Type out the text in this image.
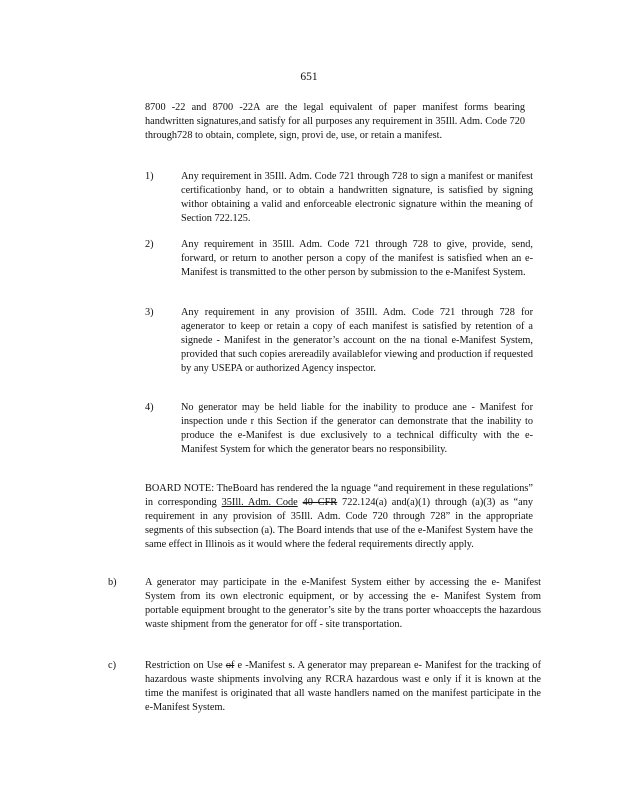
651
8700 -22 and 8700 -22A are the legal equivalent of paper manifest forms bearing handwritten signatures,and satisfy for all purposes any requirement in 35Ill. Adm. Code 720 through728 to obtain, complete, sign, provi de, use, or retain a manifest.
1)	Any requirement in 35Ill. Adm. Code 721 through 728 to sign a manifest or manifest certificationby hand, or to obtain a handwritten signature, is satisfied by signing withor obtaining a valid and enforceable electronic signature within the meaning of Section 722.125.
2)	Any requirement in 35Ill. Adm. Code 721 through 728 to give, provide, send, forward, or return to another person a copy of the manifest is satisfied when an e-Manifest is transmitted to the other person by submission to the e-Manifest System.
3)	Any requirement in any provision of 35Ill. Adm. Code 721 through 728 for agenerator to keep or retain a copy of each manifest is satisfied by retention of a signede - Manifest in the generator’s account on the na tional e-Manifest System, provided that such copies arereadily availablefor viewing and production if requested by any USEPA or authorized Agency inspector.
4)	No generator may be held liable for the inability to produce ane - Manifest for inspection unde r this Section if the generator can demonstrate that the inability to produce the e-Manifest is due exclusively to a technical difficulty with the e-Manifest System for which the generator bears no responsibility.
BOARD NOTE: TheBoard has rendered the la nguage “and requirement in these regulations” in corresponding 35Ill. Adm. Code 40 CFR 722.124(a) and(a)(1) through (a)(3) as “any requirement in any provision of 35Ill. Adm. Code 720 through 728” in the appropriate segments of this subsection (a). The Board intends that use of the e-Manifest System have the same effect in Illinois as it would where the federal requirements directly apply.
b)	A generator may participate in the e-Manifest System either by accessing the e- Manifest System from its own electronic equipment, or by accessing the e- Manifest System from portable equipment brought to the generator’s site by the trans porter whoaccepts the hazardous waste shipment from the generator for off - site transportation.
c)	Restriction on Use of e -Manifest s. A generator may preparean e- Manifest for the tracking of hazardous waste shipments involving any RCRA hazardous wast e only if it is known at the time the manifest is originated that all waste handlers named on the manifest participate in the e-Manifest System.
